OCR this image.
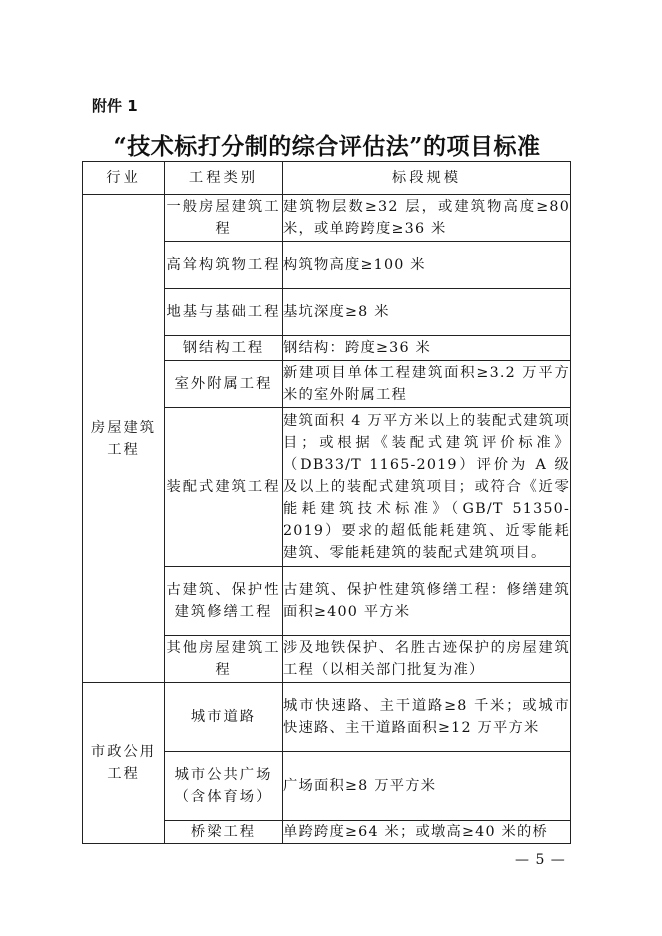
附件 1
“技术标打分制的综合评估法”的项目标准
行业	工程类别	标段规模
房屋建筑工程	一般房屋建筑工程	建筑物层数≥32 层，或建筑物高度≥80 米，或单跨跨度≥36 米
	高耸构筑物工程	构筑物高度≥100 米
	地基与基础工程	基坑深度≥8 米
	钢结构工程	钢结构：跨度≥36 米
	室外附属工程	新建项目单体工程建筑面积≥3.2 万平方米的室外附属工程
	装配式建筑工程	建筑面积 4 万平方米以上的装配式建筑项目；或根据《装配式建筑评价标准》（DB33/T 1165-2019）评价为 A 级及以上的装配式建筑项目；或符合《近零能耗建筑技术标准》（GB/T 51350-2019）要求的超低能耗建筑、近零能耗建筑、零能耗建筑的装配式建筑项目。
	古建筑、保护性建筑修缮工程	古建筑、保护性建筑修缮工程：修缮建筑面积≥400 平方米
	其他房屋建筑工程	涉及地铁保护、名胜古迹保护的房屋建筑工程（以相关部门批复为准）
市政公用工程	城市道路	城市快速路、主干道路≥8 千米；或城市快速路、主干道路面积≥12 万平方米
	城市公共广场（含体育场）	广场面积≥8 万平方米
	桥梁工程	单跨跨度≥64 米；或墩高≥40 米的桥
— 5 —
